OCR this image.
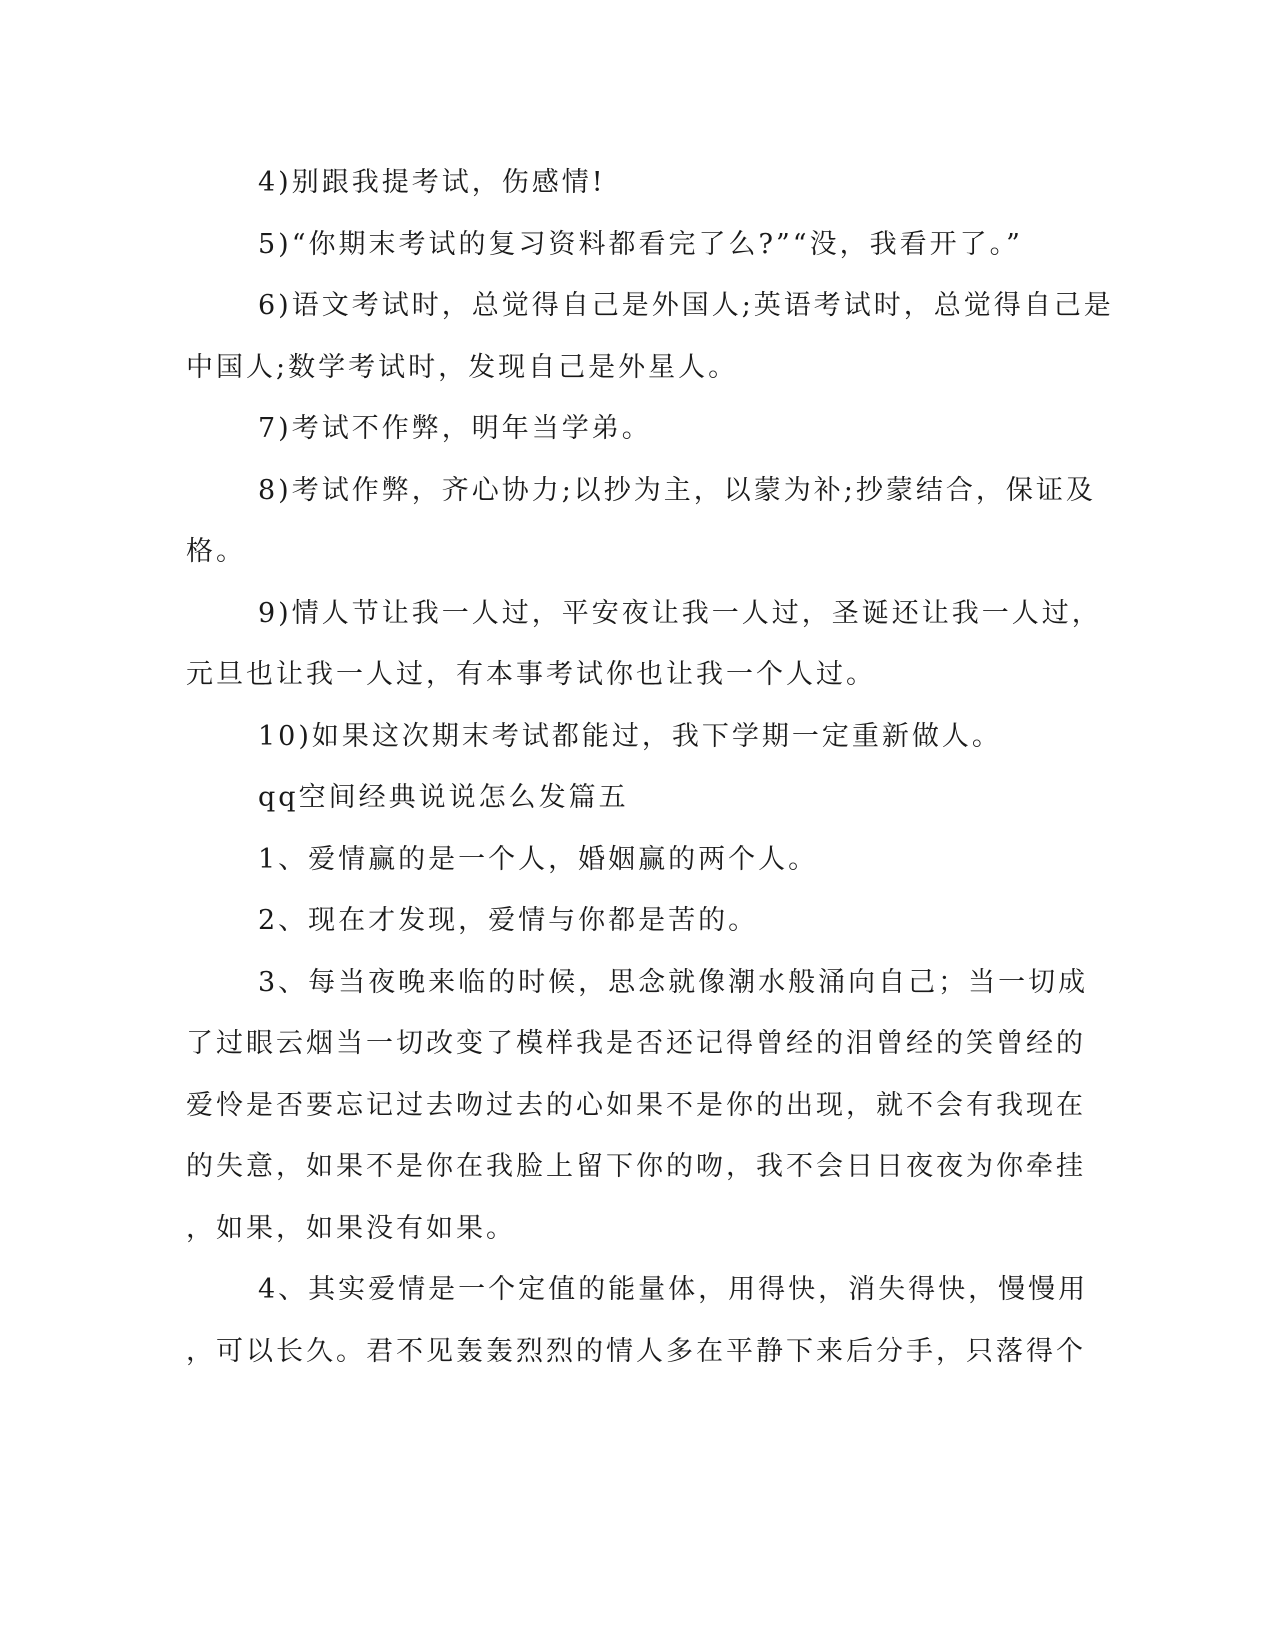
4)别跟我提考试，伤感情!
5)“你期末考试的复习资料都看完了么?”“没，我看开了。”
6)语文考试时，总觉得自己是外国人;英语考试时，总觉得自己是
中国人;数学考试时，发现自己是外星人。
7)考试不作弊，明年当学弟。
8)考试作弊，齐心协力;以抄为主，以蒙为补;抄蒙结合，保证及
格。
9)情人节让我一人过，平安夜让我一人过，圣诞还让我一人过，
元旦也让我一人过，有本事考试你也让我一个人过。
10)如果这次期末考试都能过，我下学期一定重新做人。
qq空间经典说说怎么发篇五
1、爱情赢的是一个人，婚姻赢的两个人。
2、现在才发现，爱情与你都是苦的。
3、每当夜晚来临的时候，思念就像潮水般涌向自己；当一切成
了过眼云烟当一切改变了模样我是否还记得曾经的泪曾经的笑曾经的
爱怜是否要忘记过去吻过去的心如果不是你的出现，就不会有我现在
的失意，如果不是你在我脸上留下你的吻，我不会日日夜夜为你牵挂
，如果，如果没有如果。
4、其实爱情是一个定值的能量体，用得快，消失得快，慢慢用
，可以长久。君不见轰轰烈烈的情人多在平静下来后分手，只落得个
